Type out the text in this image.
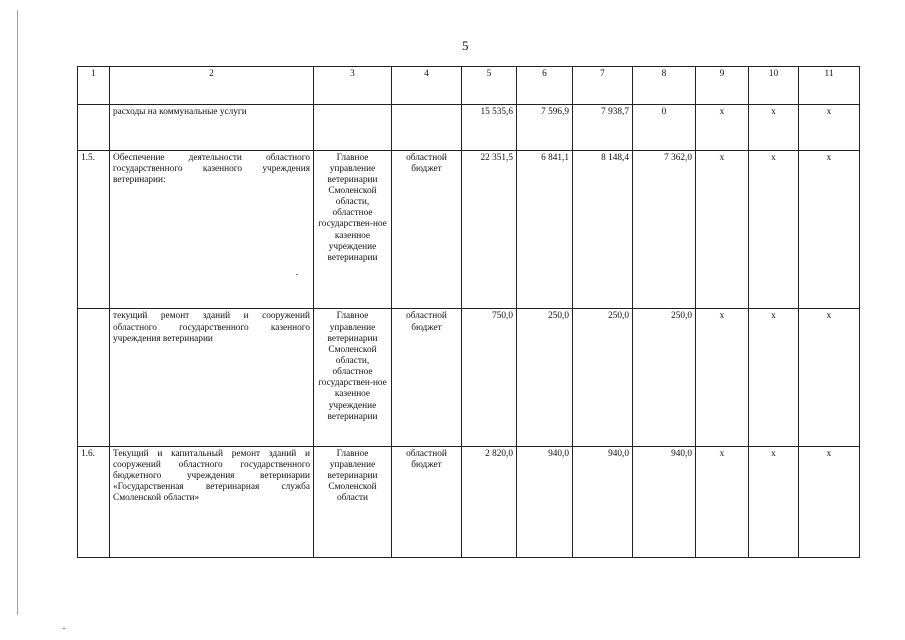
5
1	2	3	4	5	6	7	8	9	10	11
	расходы на коммунальные услуги			15 535,6	7 596,9	7 938,7	0	х	х	х
1.5.	Обеспечение деятельности областного государственного казенного учреждения ветеринарии:	Главное управление ветеринарии Смоленской области, областное государствен-ное казенное учреждение ветеринарии	областной бюджет	22 351,5	6 841,1	8 148,4	7 362,0	х	х	х
	текущий ремонт зданий и сооружений областного государственного казенного учреждения ветеринарии	Главное управление ветеринарии Смоленской области, областное государствен-ное казенное учреждение ветеринарии	областной бюджет	750,0	250,0	250,0	250,0	х	х	х
1.6.	Текущий и капитальный ремонт зданий и сооружений областного государственного бюджетного учреждения ветеринарии «Государственная ветеринарная служба Смоленской области»	Главное управление ветеринарии Смоленской области	областной бюджет	2 820,0	940,0	940,0	940,0	х	х	х
